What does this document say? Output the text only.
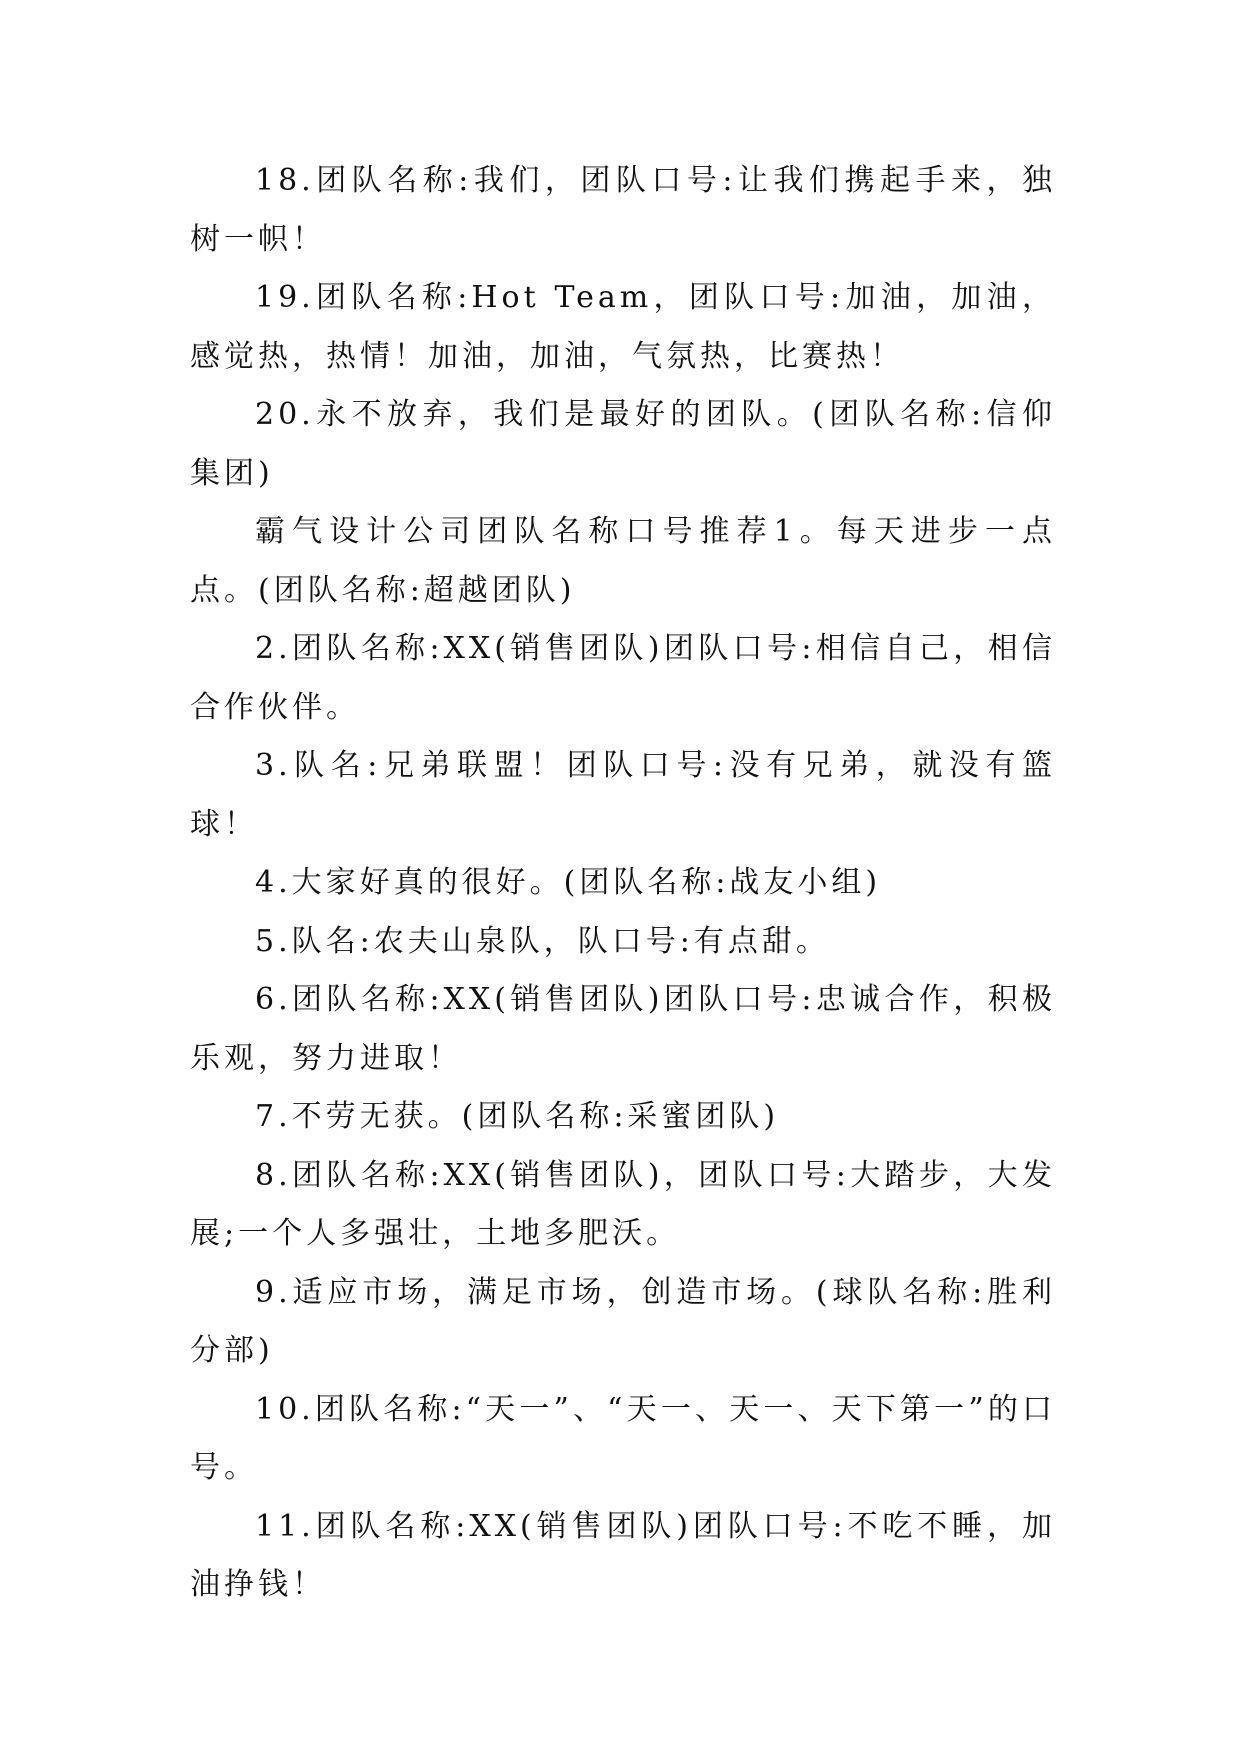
18.团队名称:我们，团队口号:让我们携起手来，独树一帜！

19.团队名称:Hot Team，团队口号:加油，加油，感觉热，热情！加油，加油，气氛热，比赛热！

20.永不放弃，我们是最好的团队。(团队名称:信仰集团)

霸气设计公司团队名称口号推荐1。每天进步一点点。(团队名称:超越团队)

2.团队名称:XX(销售团队)团队口号:相信自己，相信合作伙伴。

3.队名:兄弟联盟！团队口号:没有兄弟，就没有篮球！

4.大家好真的很好。(团队名称:战友小组)

5.队名:农夫山泉队，队口号:有点甜。

6.团队名称:XX(销售团队)团队口号:忠诚合作，积极乐观，努力进取！

7.不劳无获。(团队名称:采蜜团队)

8.团队名称:XX(销售团队)，团队口号:大踏步，大发展;一个人多强壮，土地多肥沃。

9.适应市场，满足市场，创造市场。(球队名称:胜利分部)

10.团队名称:“天一”、“天一、天一、天下第一”的口号。

11.团队名称:XX(销售团队)团队口号:不吃不睡，加油挣钱！
